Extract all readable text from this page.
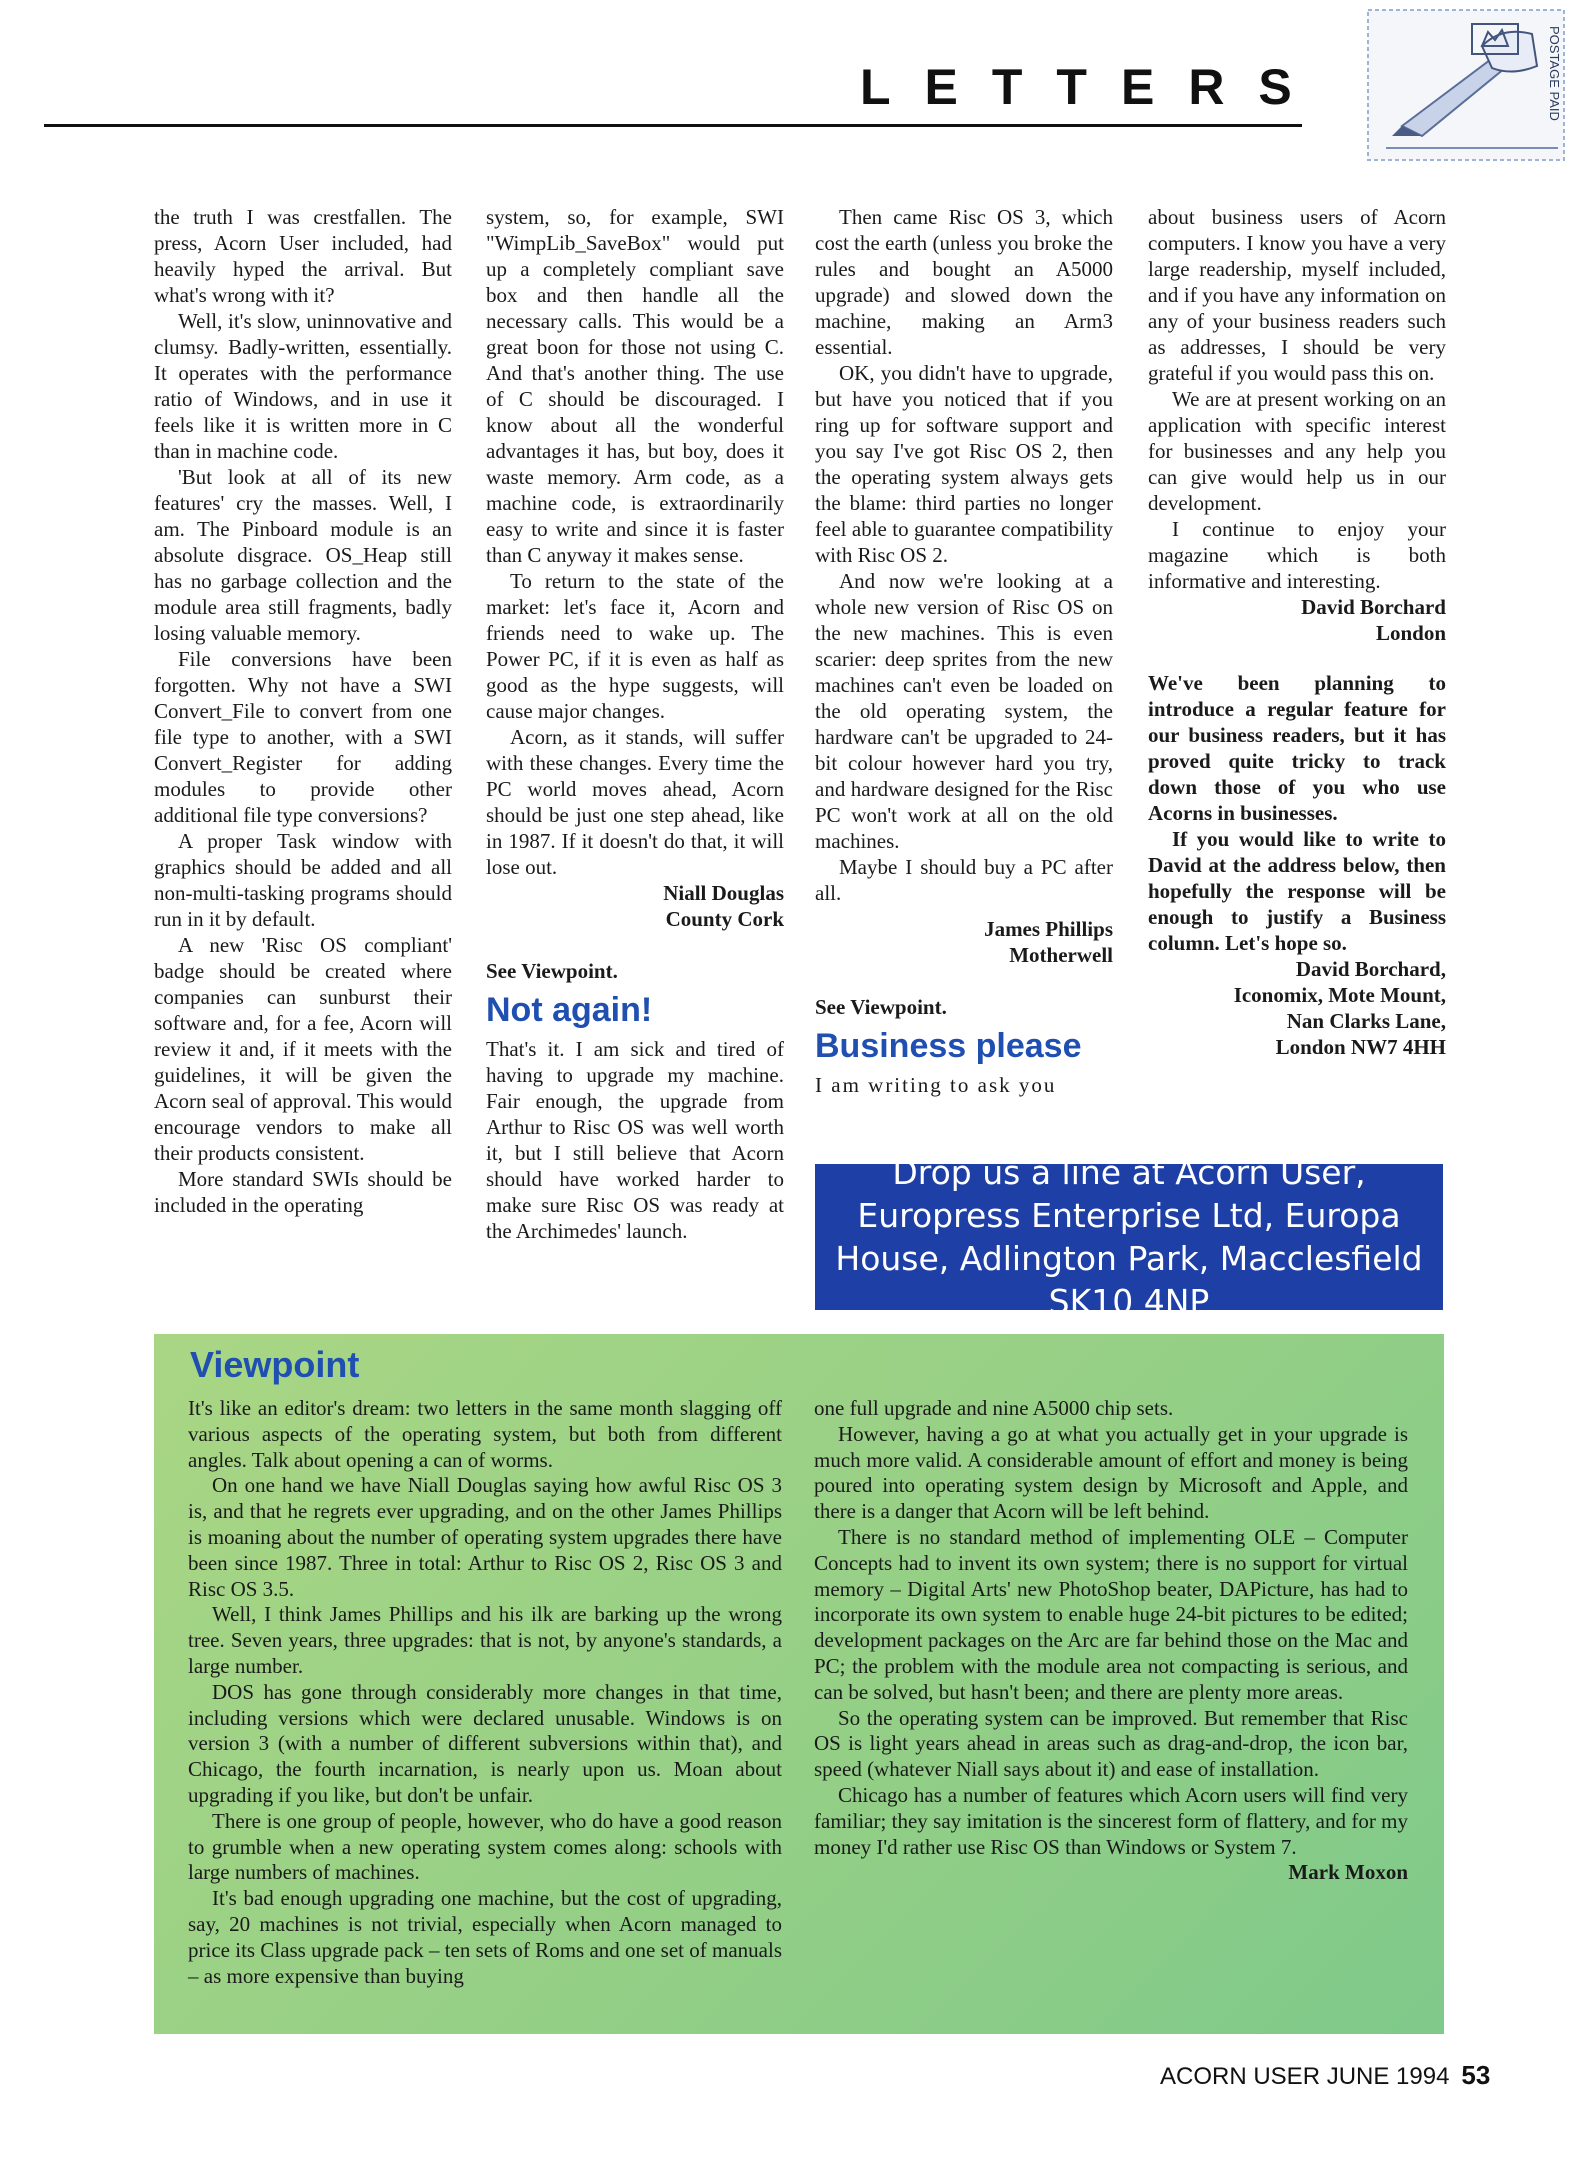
LETTERS	POSTAGE PAID

the truth I was crestfallen. The press, Acorn User included, had heavily hyped the arrival. But what's wrong with it?

Well, it's slow, uninnovative and clumsy. Badly-written, essentially. It operates with the performance ratio of Windows, and in use it feels like it is written more in C than in machine code.

'But look at all of its new features' cry the masses. Well, I am. The Pinboard module is an absolute disgrace. OS_Heap still has no garbage collection and the module area still fragments, badly losing valuable memory.

File conversions have been forgotten. Why not have a SWI Convert_File to convert from one file type to another, with a SWI Convert_Register for adding modules to provide other additional file type conversions?

A proper Task window with graphics should be added and all non-multi-tasking programs should run in it by default.

A new 'Risc OS compliant' badge should be created where companies can sunburst their software and, for a fee, Acorn will review it and, if it meets with the guidelines, it will be given the Acorn seal of approval. This would encourage vendors to make all their products consistent.

More standard SWIs should be included in the operating

system, so, for example, SWI "WimpLib_SaveBox" would put up a completely compliant save box and then handle all the necessary calls. This would be a great boon for those not using C. And that's another thing. The use of C should be discouraged. I know about all the wonderful advantages it has, but boy, does it waste memory. Arm code, as a machine code, is extraordinarily easy to write and since it is faster than C anyway it makes sense.

To return to the state of the market: let's face it, Acorn and friends need to wake up. The Power PC, if it is even as half as good as the hype suggests, will cause major changes.

Acorn, as it stands, will suffer with these changes. Every time the PC world moves ahead, Acorn should be just one step ahead, like in 1987. If it doesn't do that, it will lose out.

Niall Douglas

County Cork

See Viewpoint.

Not again!

That's it. I am sick and tired of having to upgrade my machine. Fair enough, the upgrade from Arthur to Risc OS was well worth it, but I still believe that Acorn should have worked harder to make sure Risc OS was ready at the Archimedes' launch.

Then came Risc OS 3, which cost the earth (unless you broke the rules and bought an A5000 upgrade) and slowed down the machine, making an Arm3 essential.

OK, you didn't have to upgrade, but have you noticed that if you ring up for software support and you say I've got Risc OS 2, then the operating system always gets the blame: third parties no longer feel able to guarantee compatibility with Risc OS 2.

And now we're looking at a whole new version of Risc OS on the new machines. This is even scarier: deep sprites from the new machines can't even be loaded on the old operating system, the hardware can't be upgraded to 24-bit colour however hard you try, and hardware designed for the Risc PC won't work at all on the old machines.

Maybe I should buy a PC after all.

James Phillips

Motherwell

See Viewpoint.

Business please

I am writing to ask you

about business users of Acorn computers. I know you have a very large readership, myself included, and if you have any information on any of your business readers such as addresses, I should be very grateful if you would pass this on.

We are at present working on an application with specific interest for businesses and any help you can give would help us in our development.

I continue to enjoy your magazine which is both informative and interesting.

David Borchard

London

We've been planning to introduce a regular feature for our business readers, but it has proved quite tricky to track down those of you who use Acorns in businesses.

If you would like to write to David at the address below, then hopefully the response will be enough to justify a Business column. Let's hope so.

David Borchard,

Iconomix, Mote Mount,

Nan Clarks Lane,

London NW7 4HH

Drop us a line at Acorn User, Europress Enterprise Ltd, Europa House, Adlington Park, Macclesfield SK10 4NP
Viewpoint

It's like an editor's dream: two letters in the same month slagging off various aspects of the operating system, but both from different angles. Talk about opening a can of worms.

On one hand we have Niall Douglas saying how awful Risc OS 3 is, and that he regrets ever upgrading, and on the other James Phillips is moaning about the number of operating system upgrades there have been since 1987. Three in total: Arthur to Risc OS 2, Risc OS 3 and Risc OS 3.5.

Well, I think James Phillips and his ilk are barking up the wrong tree. Seven years, three upgrades: that is not, by anyone's standards, a large number.

DOS has gone through considerably more changes in that time, including versions which were declared unusable. Windows is on version 3 (with a number of different subversions within that), and Chicago, the fourth incarnation, is nearly upon us. Moan about upgrading if you like, but don't be unfair.

There is one group of people, however, who do have a good reason to grumble when a new operating system comes along: schools with large numbers of machines.

It's bad enough upgrading one machine, but the cost of upgrading, say, 20 machines is not trivial, especially when Acorn managed to price its Class upgrade pack – ten sets of Roms and one set of manuals – as more expensive than buying

one full upgrade and nine A5000 chip sets.

However, having a go at what you actually get in your upgrade is much more valid. A considerable amount of effort and money is being poured into operating system design by Microsoft and Apple, and there is a danger that Acorn will be left behind.

There is no standard method of implementing OLE – Computer Concepts had to invent its own system; there is no support for virtual memory – Digital Arts' new PhotoShop beater, DAPicture, has had to incorporate its own system to enable huge 24-bit pictures to be edited; development packages on the Arc are far behind those on the Mac and PC; the problem with the module area not compacting is serious, and can be solved, but hasn't been; and there are plenty more areas.

So the operating system can be improved. But remember that Risc OS is light years ahead in areas such as drag-and-drop, the icon bar, speed (whatever Niall says about it) and ease of installation.

Chicago has a number of features which Acorn users will find very familiar; they say imitation is the sincerest form of flattery, and for my money I'd rather use Risc OS than Windows or System 7.

Mark Moxon

ACORN USER JUNE 1994 53
